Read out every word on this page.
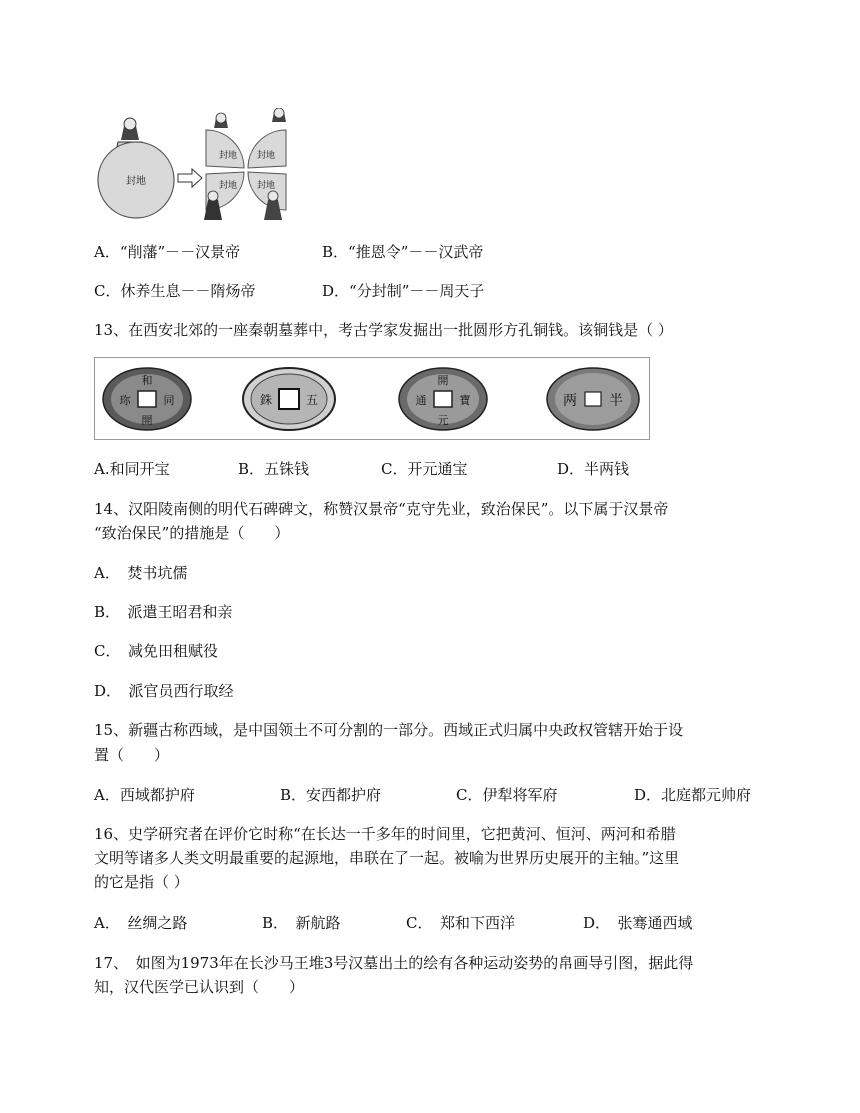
封地
封地 封地
封地 封地
A．“削藩”－－汉景帝	B．“推恩令”－－汉武帝
C．休养生息－－隋炀帝	D．“分封制”－－周天子
13、在西安北郊的一座秦朝墓葬中，考古学家发掘出一批圆形方孔铜钱。该铜钱是（ ）
和
同
開
珎	五
銖
開
元
通	寶	半
两
A.和同开宝	B．五铢钱	C．开元通宝	D．半两钱
14、汉阳陵南侧的明代石碑碑文，称赞汉景帝“克守先业，致治保民”。以下属于汉景帝
“致治保民”的措施是（　　）
A．　焚书坑儒
B．　派遣王昭君和亲
C．　减免田租赋役
D．　派官员西行取经
15、新疆古称西域，是中国领土不可分割的一部分。西域正式归属中央政权管辖开始于设
置（　　）
A．西域都护府	B．安西都护府	C．伊犁将军府	D．北庭都元帅府
16、史学研究者在评价它时称“在长达一千多年的时间里，它把黄河、恒河、两河和希腊
文明等诸多人类文明最重要的起源地，串联在了一起。被喻为世界历史展开的主轴。”这里
的它是指（ ）
A．　丝绸之路	B．　新航路	C．　郑和下西洋	D．　张骞通西域
17、　如图为1973年在长沙马王堆3号汉墓出土的绘有各种运动姿势的帛画导引图，据此得
知，汉代医学已认识到（　　）
